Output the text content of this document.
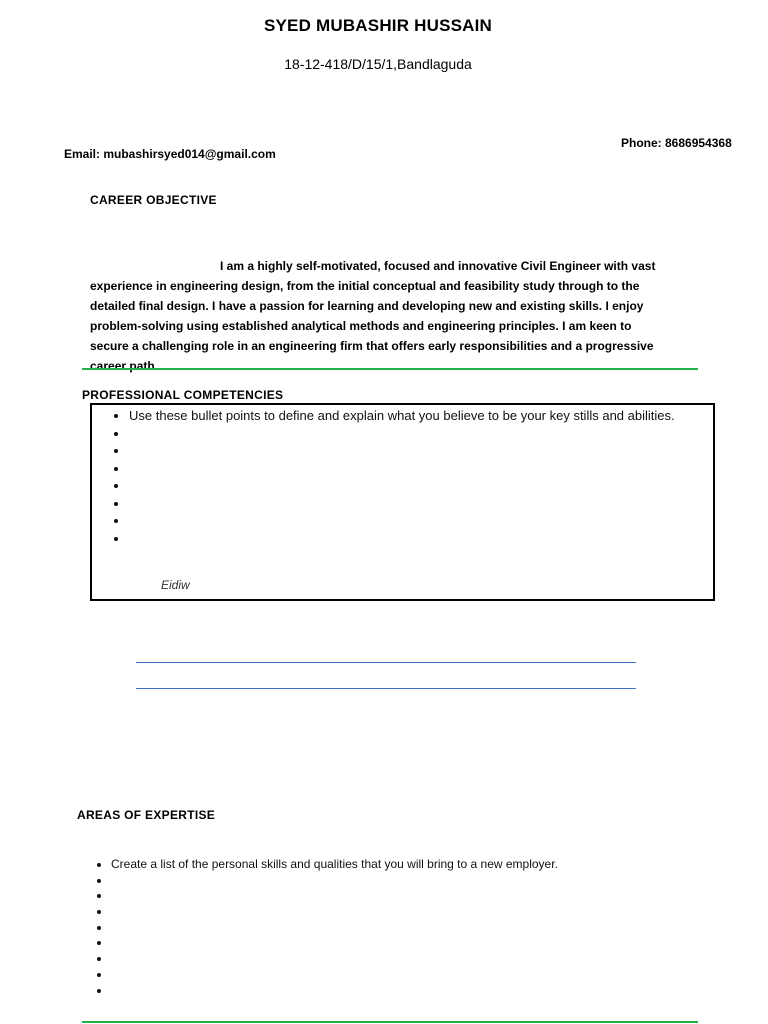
SYED MUBASHIR HUSSAIN
18-12-418/D/15/1,Bandlaguda
Phone: 8686954368
Email: mubashirsyed014@gmail.com
CAREER OBJECTIVE
I am a highly self-motivated, focused and innovative Civil Engineer with vast experience in engineering design, from the initial conceptual and feasibility study through to the detailed final design. I have a passion for learning and developing new and existing skills. I enjoy problem-solving using established analytical methods and engineering principles. I am keen to secure a challenging role in an engineering firm that offers early responsibilities and a progressive career path.
PROFESSIONAL COMPETENCIES
• Use these bullet points to define and explain what you believe to be your key stills and abilities.
•
•
•
•
•
•
•
Eidiw
AREAS OF EXPERTISE
• Create a list of the personal skills and qualities that you will bring to a new employer.
•
•
•
•
•
•
•
•
